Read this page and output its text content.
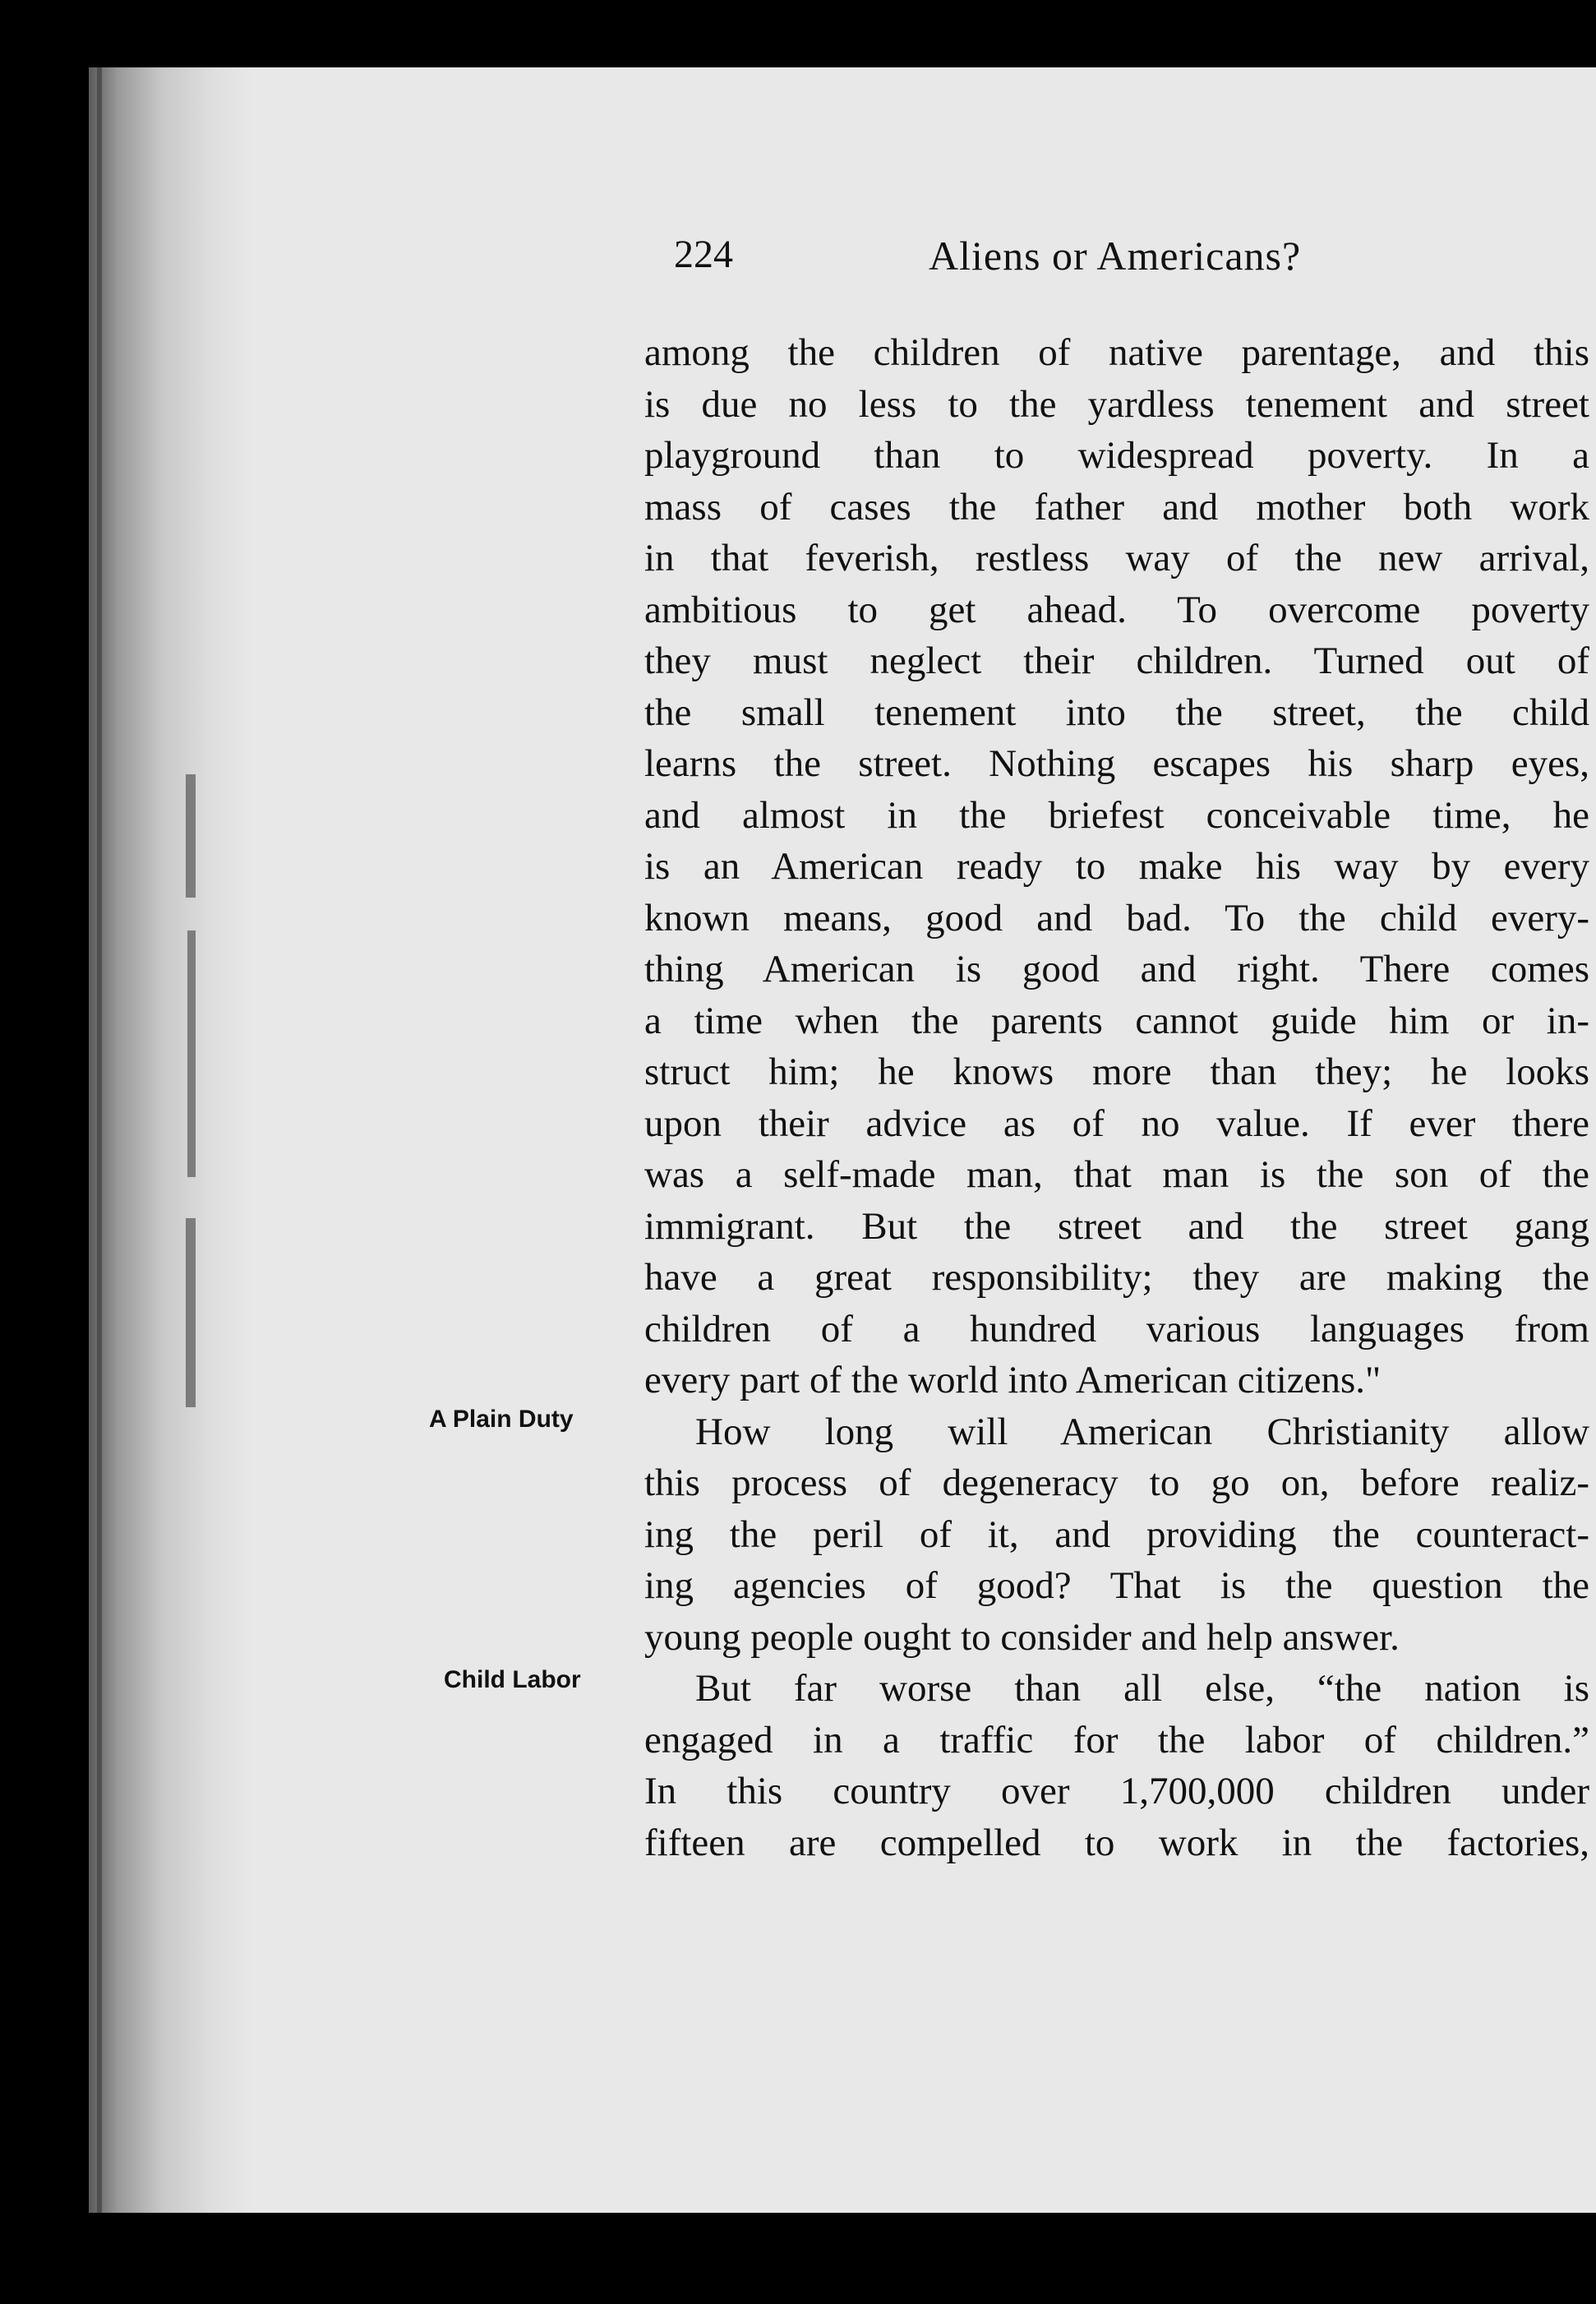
224	Aliens or Americans?
A Plain Duty
Child Labor
among the children of native parentage, and this
is due no less to the yardless tenement and street
playground than to widespread poverty. In a
mass of cases the father and mother both work
in that feverish, restless way of the new arrival,
ambitious to get ahead. To overcome poverty
they must neglect their children. Turned out of
the small tenement into the street, the child
learns the street. Nothing escapes his sharp eyes,
and almost in the briefest conceivable time, he
is an American ready to make his way by every
known means, good and bad. To the child every-
thing American is good and right. There comes
a time when the parents cannot guide him or in-
struct him; he knows more than they; he looks
upon their advice as of no value. If ever there
was a self-made man, that man is the son of the
immigrant. But the street and the street gang
have a great responsibility; they are making the
children of a hundred various languages from
every part of the world into American citizens."
How long will American Christianity allow
this process of degeneracy to go on, before realiz-
ing the peril of it, and providing the counteract-
ing agencies of good? That is the question the
young people ought to consider and help answer.
But far worse than all else, “the nation is
engaged in a traffic for the labor of children.”
In this country over 1,700,000 children under
fifteen are compelled to work in the factories,
